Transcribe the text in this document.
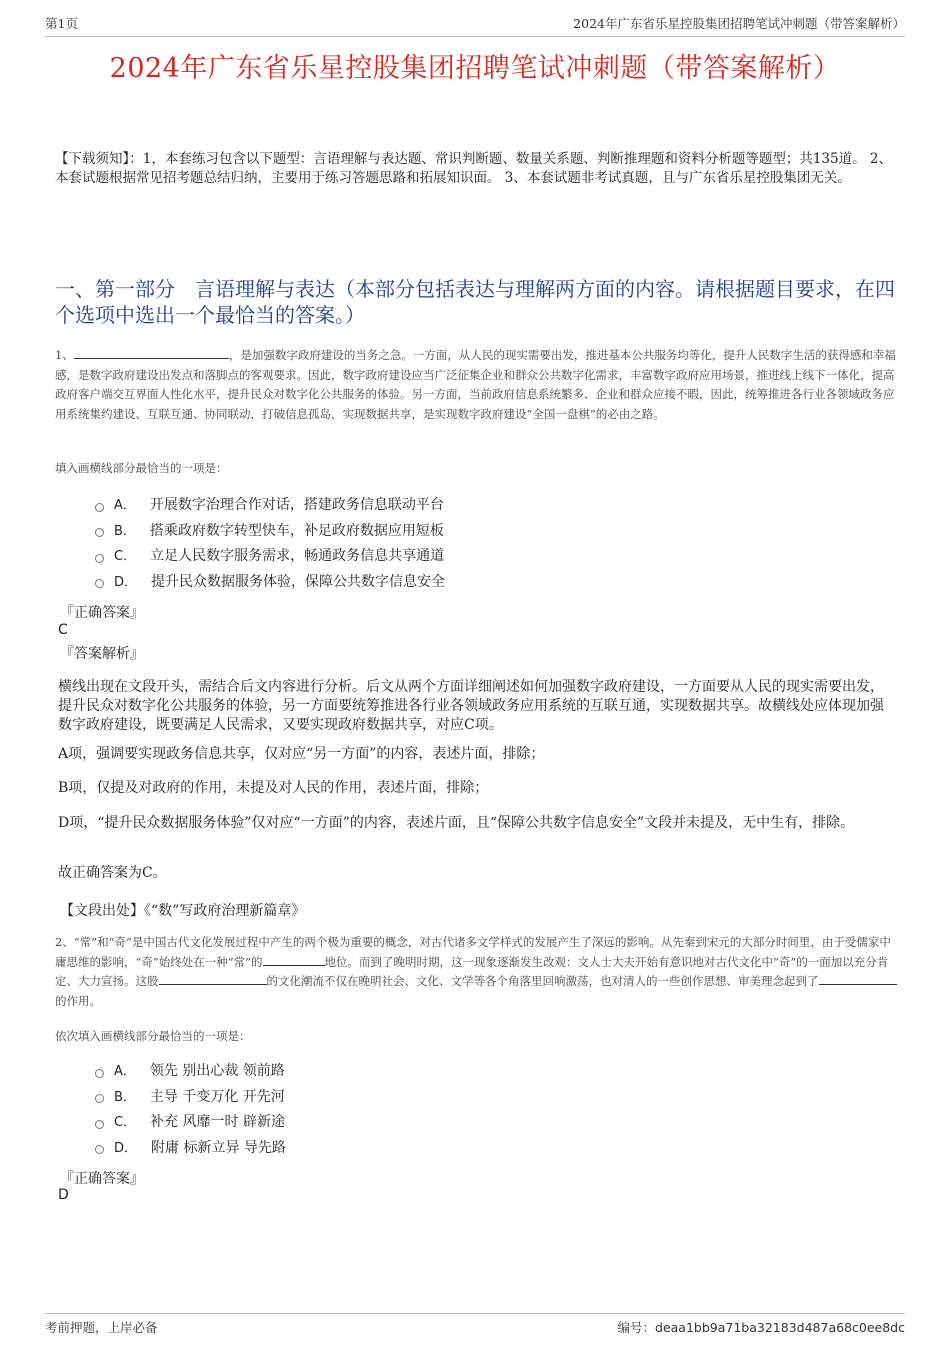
第1页	2024年广东省乐星控股集团招聘笔试冲刺题（带答案解析）
2024年广东省乐星控股集团招聘笔试冲刺题（带答案解析）
【下载须知】：1，本套练习包含以下题型：言语理解与表达题、常识判断题、数量关系题、判断推理题和资料分析题等题型；共135道。 2、本套试题根据常见招考题总结归纳，主要用于练习答题思路和拓展知识面。 3、本套试题非考试真题，且与广东省乐星控股集团无关。
一、第一部分　言语理解与表达（本部分包括表达与理解两方面的内容。请根据题目要求，在四个选项中选出一个最恰当的答案。）
1、	，是加强数字政府建设的当务之急。一方面，从人民的现实需要出发，推进基本公共服务均等化，提升人民数字生活的获得感和幸福感，是数字政府建设出发点和落脚点的客观要求。因此，数字政府建设应当广泛征集企业和群众公共数字化需求，丰富数字政府应用场景，推进线上线下一体化，提高政府客户端交互界面人性化水平，提升民众对数字化公共服务的体验。另一方面，当前政府信息系统繁多、企业和群众应接不暇，因此，统筹推进各行业各领域政务应用系统集约建设、互联互通、协同联动，打破信息孤岛，实现数据共享，是实现数字政府建设“全国一盘棋”的必由之路。
填入画横线部分最恰当的一项是：
A． 开展数字治理合作对话，搭建政务信息联动平台
B． 搭乘政府数字转型快车，补足政府数据应用短板
C． 立足人民数字服务需求，畅通政务信息共享通道
D． 提升民众数据服务体验，保障公共数字信息安全
『正确答案』
C
『答案解析』
横线出现在文段开头，需结合后文内容进行分析。后文从两个方面详细阐述如何加强数字政府建设，一方面要从人民的现实需要出发，提升民众对数字化公共服务的体验，另一方面要统筹推进各行业各领域政务应用系统的互联互通，实现数据共享。故横线处应体现加强数字政府建设，既要满足人民需求，又要实现政府数据共享，对应C项。
A项，强调要实现政务信息共享，仅对应“另一方面”的内容，表述片面，排除；
B项，仅提及对政府的作用，未提及对人民的作用，表述片面，排除；
D项，“提升民众数据服务体验”仅对应“一方面”的内容，表述片面，且“保障公共数字信息安全”文段并未提及，无中生有，排除。
故正确答案为C。
【文段出处】《“数”写政府治理新篇章》
2、“常”和“奇”是中国古代文化发展过程中产生的两个极为重要的概念，对古代诸多文学样式的发展产生了深远的影响。从先秦到宋元的大部分时间里，由于受儒家中庸思维的影响，“奇”始终处在一种“常”的	地位。而到了晚明时期，这一现象逐渐发生改观：文人士大夫开始有意识地对古代文化中“奇”的一面加以充分肯定、大力宣扬。这股	的文化潮流不仅在晚明社会、文化、文学等各个角落里回响激荡，也对清人的一些创作思想、审美理念起到了的作用。
依次填入画横线部分最恰当的一项是：
A． 领先 别出心裁 领前路
B． 主导 千变万化 开先河
C． 补充 风靡一时 辟新途
D． 附庸 标新立异 导先路
『正确答案』
D
考前押题，上岸必备	编号：deaa1bb9a71ba32183d487a68c0ee8dc
